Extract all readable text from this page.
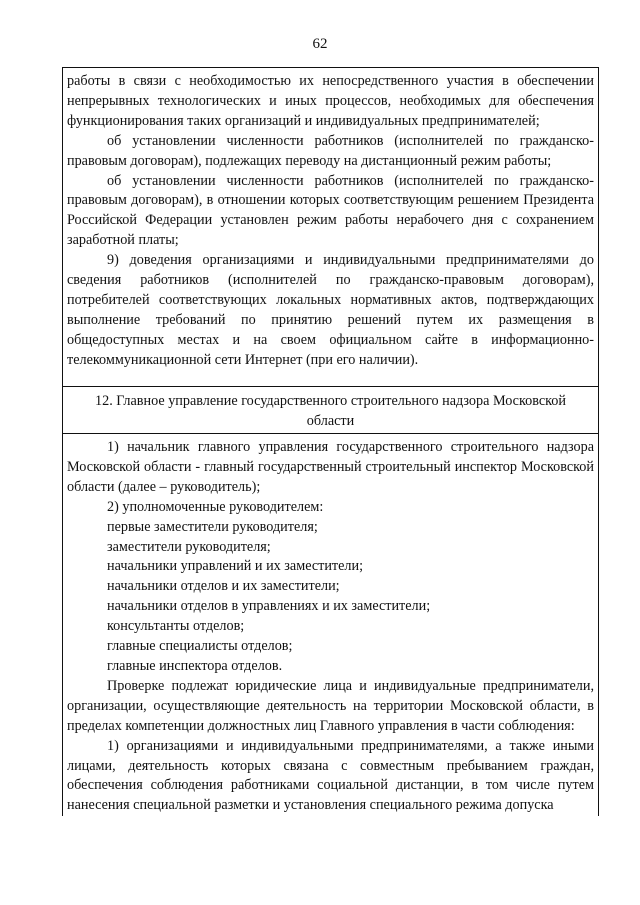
62

работы в связи с необходимостью их непосредственного участия в обеспечении непрерывных технологических и иных процессов, необходимых для обеспечения функционирования таких организаций и индивидуальных предпринимателей;

об установлении численности работников (исполнителей по гражданско-правовым договорам), подлежащих переводу на дистанционный режим работы;

об установлении численности работников (исполнителей по гражданско-правовым договорам), в отношении которых соответствующим решением Президента Российской Федерации установлен режим работы нерабочего дня с сохранением заработной платы;

9) доведения организациями и индивидуальными предпринимателями до сведения работников (исполнителей по гражданско-правовым договорам), потребителей соответствующих локальных нормативных актов, подтверждающих выполнение требований по принятию решений путем их размещения в общедоступных местах и на своем официальном сайте в информационно-телекоммуникационной сети Интернет (при его наличии).

12. Главное управление государственного строительного надзора Московской области

1) начальник главного управления государственного строительного надзора Московской области - главный государственный строительный инспектор Московской области (далее – руководитель);

2) уполномоченные руководителем:

первые заместители руководителя;

заместители руководителя;

начальники управлений и их заместители;

начальники отделов и их заместители;

начальники отделов в управлениях и их заместители;

консультанты отделов;

главные специалисты отделов;

главные инспектора отделов.

Проверке подлежат юридические лица и индивидуальные предприниматели, организации, осуществляющие деятельность на территории Московской области, в пределах компетенции должностных лиц Главного управления в части соблюдения:

1) организациями и индивидуальными предпринимателями, а также иными лицами, деятельность которых связана с совместным пребыванием граждан, обеспечения соблюдения работниками социальной дистанции, в том числе путем нанесения специальной разметки и установления специального режима допуска
